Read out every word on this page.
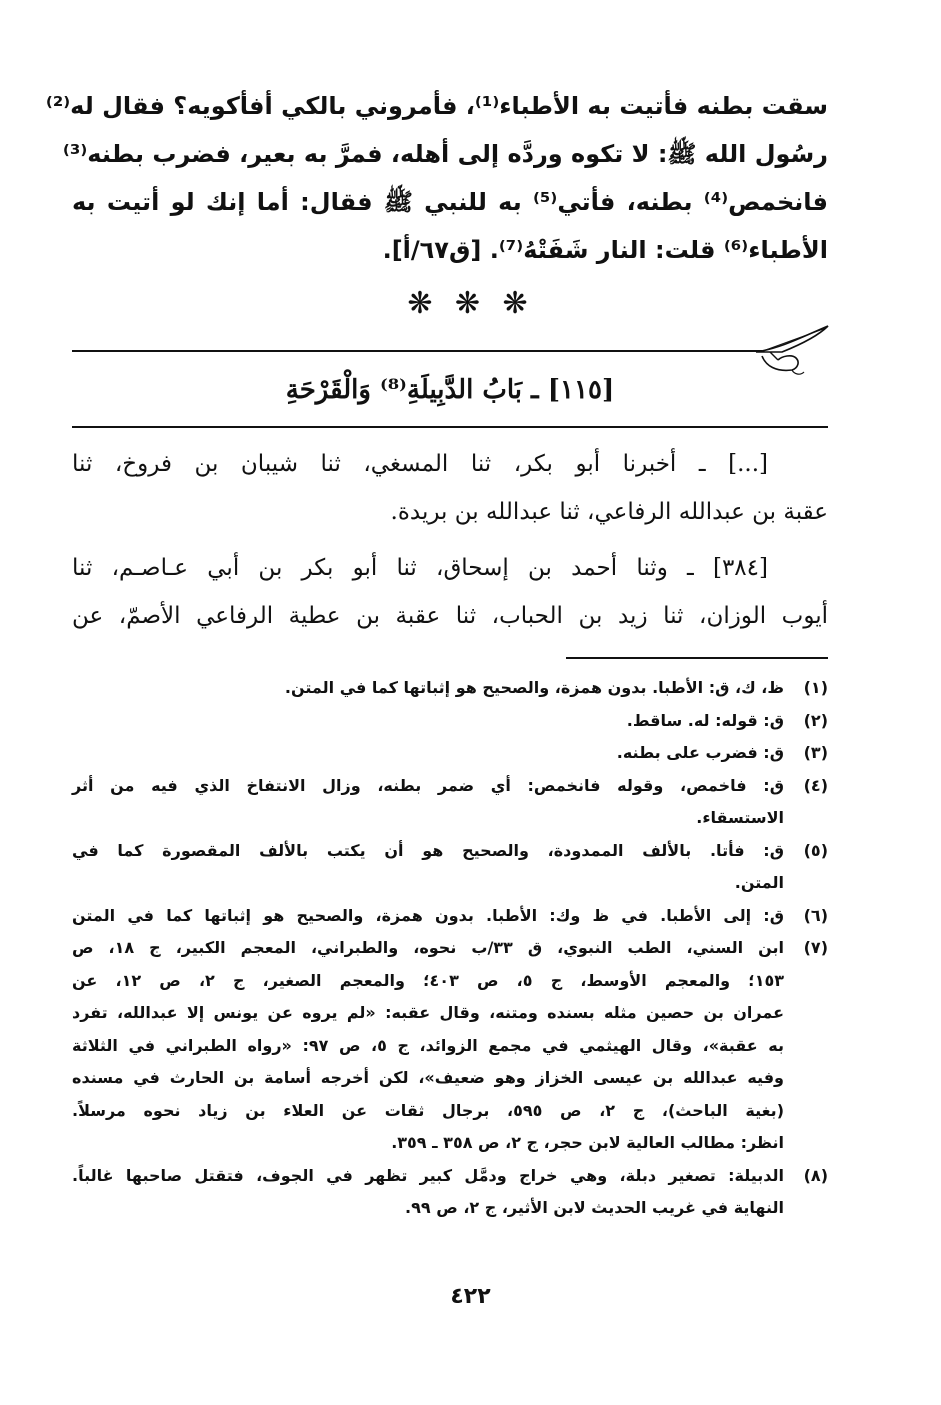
سقت بطنه فأتيت به الأطباء⁽¹⁾، فأمروني بالكي أفأكويه؟ فقال له⁽²⁾
رسُول الله ﷺ: لا تكوه وردَّه إلى أهله، فمرَّ به بعير، فضرب بطنه⁽³⁾
فانخمص⁽⁴⁾ بطنه، فأتي⁽⁵⁾ به للنبي ﷺ فقال: أما إنك لو أتيت به
الأطباء⁽⁶⁾ قلت: النار شَفَتْهُ⁽⁷⁾. [ق٦٧/أ].
❋ ❋ ❋
[١١٥] ـ بَابُ الدَّبِيلَةِ⁽⁸⁾ وَالْقَرْحَةِ
[...] ـ أخبرنا أبو بكر، ثنا المسغي، ثنا شيبان بن فروخ، ثنا
عقبة بن عبدالله الرفاعي، ثنا عبدالله بن بريدة.
[٣٨٤] ـ وثنا أحمد بن إسحاق، ثنا أبو بكر بن أبي عـاصـم، ثنا
أيوب الوزان، ثنا زيد بن الحباب، ثنا عقبة بن عطية الرفاعي الأصمّ، عن
(١)
ظ، ك، ق: الأطبا. بدون همزة، والصحيح هو إثباتها كما في المتن.
(٢)
ق: قوله: له. ساقط.
(٣)
ق: فضرب على بطنه.
(٤)
ق: فاخمص، وقوله فانخمص: أي ضمر بطنه، وزال الانتفاخ الذي فيه من أثر
الاستسقاء.
(٥)
ق: فأتا. بالألف الممدودة، والصحيح هو أن يكتب بالألف المقصورة كما في
المتن.
(٦)
ق: إلى الأطبا. في ظ وك: الأطبا. بدون همزة، والصحيح هو إثباتها كما في المتن
(٧)
ابن السني، الطب النبوي، ق ٣٣/ب نحوه، والطبراني، المعجم الكبير، ج ١٨، ص
١٥٣؛ والمعجم الأوسط، ج ٥، ص ٤٠٣؛ والمعجم الصغير، ج ٢، ص ١٢، عن
عمران بن حصين مثله بسنده ومتنه، وقال عقبه: «لم يروه عن يونس إلا عبدالله، تفرد
به عقبة»، وقال الهيثمي في مجمع الزوائد، ج ٥، ص ٩٧: «رواه الطبراني في الثلاثة
وفيه عبدالله بن عيسى الخزاز وهو ضعيف»، لكن أخرجه أسامة بن الحارث في مسنده
(بغية الباحث)، ج ٢، ص ٥٩٥، برجال ثقات عن العلاء بن زياد نحوه مرسلاً.
انظر: مطالب العالية لابن حجر، ج ٢، ص ٣٥٨ ـ ٣٥٩.
(٨)
الدبيلة: تصغير دبلة، وهي خراج ودمَّل كبير تظهر في الجوف، فتقتل صاحبها غالباً.
النهاية في غريب الحديث لابن الأثير، ج ٢، ص ٩٩.
٤٢٢
